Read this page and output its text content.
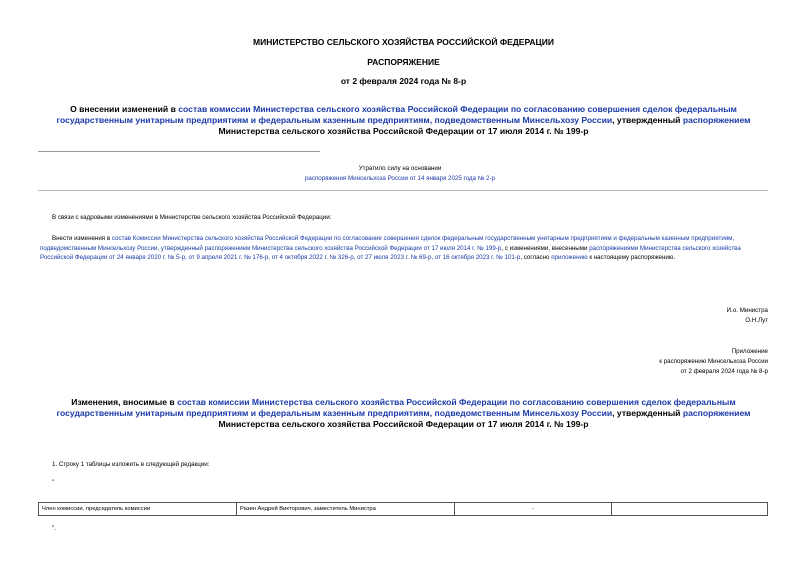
МИНИСТЕРСТВО СЕЛЬСКОГО ХОЗЯЙСТВА РОССИЙСКОЙ ФЕДЕРАЦИИ
РАСПОРЯЖЕНИЕ
от 2 февраля 2024 года № 8-р
О внесении изменений в состав комиссии Министерства сельского хозяйства Российской Федерации по согласованию совершения сделок федеральным государственным унитарным предприятиям и федеральным казенным предприятиям, подведомственным Минсельхозу России, утвержденный распоряжением Министерства сельского хозяйства Российской Федерации от 17 июля 2014 г. № 199-р
Утратило силу на основании
распоряжения Минсельхоза России от 14 января 2025 года № 2-р
В связи с кадровыми изменениями в Министерстве сельского хозяйства Российской Федерации:
Внести изменения в состав Комиссии Министерства сельского хозяйства Российской Федерации по согласование совершения сделок федеральным государственным унитарным предприятиям и федеральным казенным предприятиям, подведомственным Минсельхозу России, утвержденный распоряжением Министерства сельского хозяйства Российской Федерации от 17 июля 2014 г. № 199-р, с изменениями, внесенными распоряжениями Министерства сельского хозяйства Российской Федерации от 24 января 2020 г. № 5-р, от 9 апреля 2021 г. № 176-р, от 4 октября 2022 г. № 326-р, от 27 июля 2023 г. № 69-р, от 16 октября 2023 г. № 101-р, согласно приложению к настоящему распоряжению.
И.о. Министра
О.Н.Лут
Приложение
к распоряжению Минсельхоза России
от 2 февраля 2024 года № 8-р
Изменения, вносимые в состав комиссии Министерства сельского хозяйства Российской Федерации по согласованию совершения сделок федеральным государственным унитарным предприятиям и федеральным казенным предприятиям, подведомственным Минсельхозу России, утвержденный распоряжением Министерства сельского хозяйства Российской Федерации от 17 июля 2014 г. № 199-р
1. Строку 1 таблицы изложить в следующей редакции:
"
Член комиссии, председатель комиссии	Разин Андрей Викторович, заместитель Министра	-	
".
